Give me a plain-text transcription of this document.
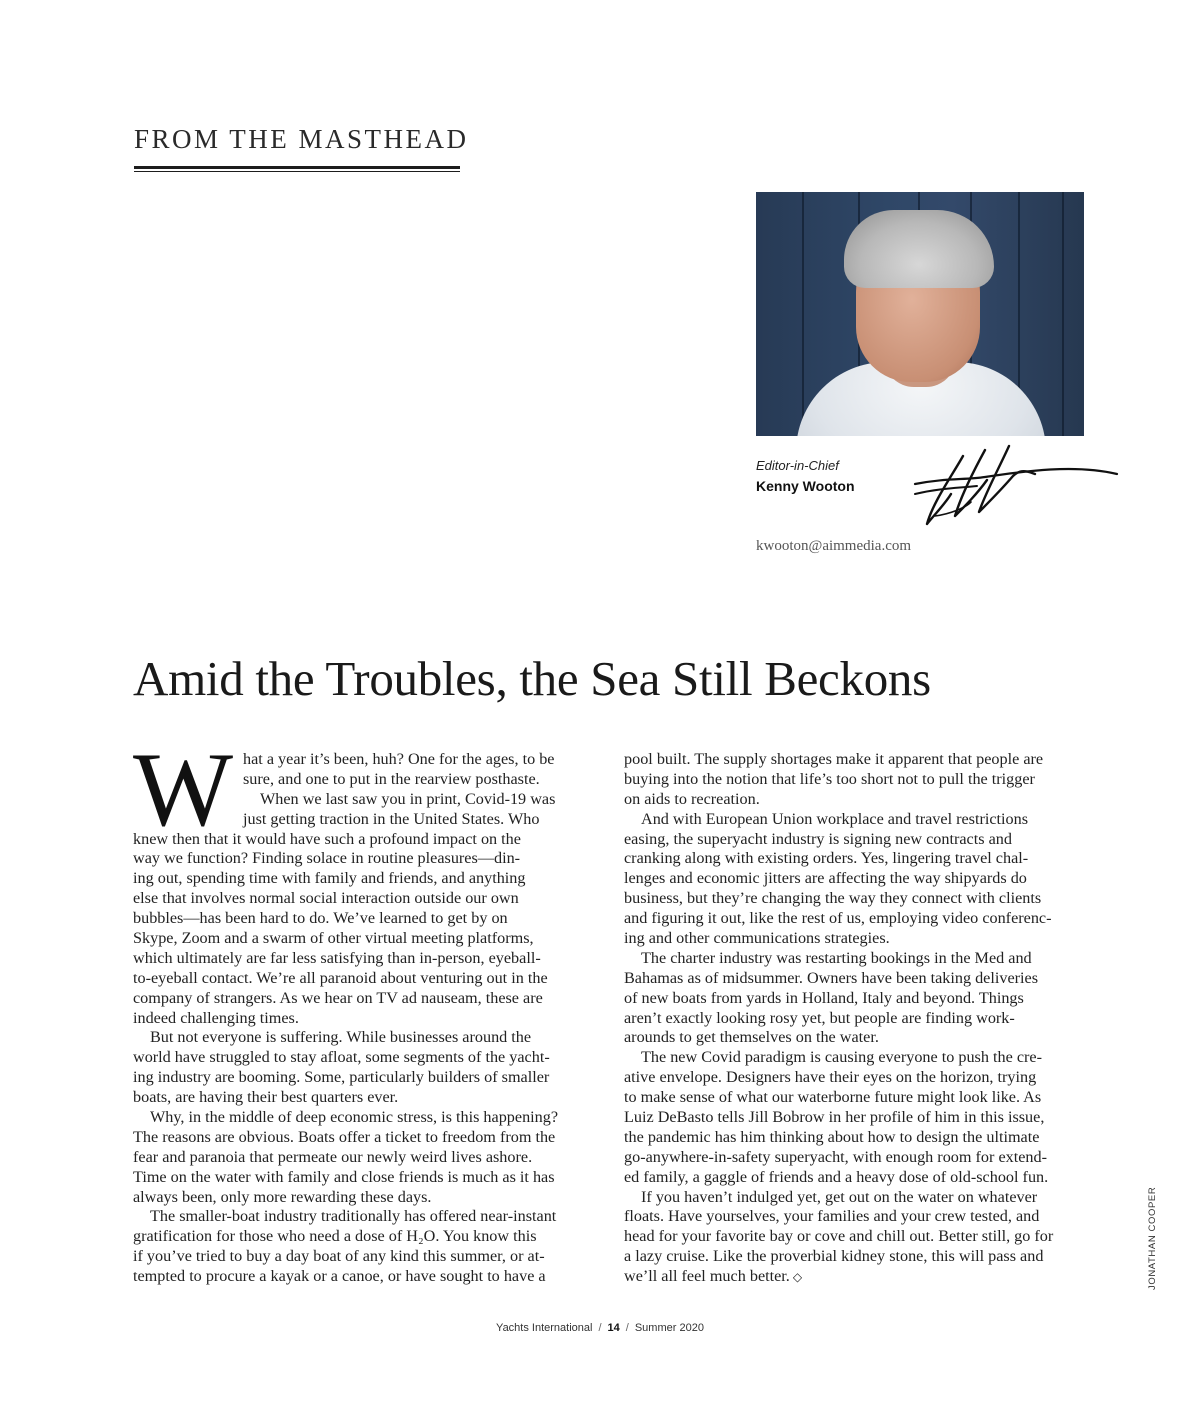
FROM THE MASTHEAD
Editor-in-Chief
Kenny Wooton
kwooton@aimmedia.com
Amid the Troubles, the Sea Still Beckons
W hat a year it’s been, huh? One for the ages, to be
sure, and one to put in the rearview posthaste.
When we last saw you in print, Covid-19 was
just getting traction in the United States. Who
knew then that it would have such a profound impact on the
way we function? Finding solace in routine pleasures—din-
ing out, spending time with family and friends, and anything
else that involves normal social interaction outside our own
bubbles—has been hard to do. We’ve learned to get by on
Skype, Zoom and a swarm of other virtual meeting platforms,
which ultimately are far less satisfying than in-person, eyeball-
to-eyeball contact. We’re all paranoid about venturing out in the
company of strangers. As we hear on TV ad nauseam, these are
indeed challenging times.
But not everyone is suffering. While businesses around the
world have struggled to stay afloat, some segments of the yacht-
ing industry are booming. Some, particularly builders of smaller
boats, are having their best quarters ever.
Why, in the middle of deep economic stress, is this happening?
The reasons are obvious. Boats offer a ticket to freedom from the
fear and paranoia that permeate our newly weird lives ashore.
Time on the water with family and close friends is much as it has
always been, only more rewarding these days.
The smaller-boat industry traditionally has offered near-instant
gratification for those who need a dose of H₂O. You know this
if you’ve tried to buy a day boat of any kind this summer, or at-
tempted to procure a kayak or a canoe, or have sought to have a
pool built. The supply shortages make it apparent that people are
buying into the notion that life’s too short not to pull the trigger
on aids to recreation.
And with European Union workplace and travel restrictions
easing, the superyacht industry is signing new contracts and
cranking along with existing orders. Yes, lingering travel chal-
lenges and economic jitters are affecting the way shipyards do
business, but they’re changing the way they connect with clients
and figuring it out, like the rest of us, employing video conferenc-
ing and other communications strategies.
The charter industry was restarting bookings in the Med and
Bahamas as of midsummer. Owners have been taking deliveries
of new boats from yards in Holland, Italy and beyond. Things
aren’t exactly looking rosy yet, but people are finding work-
arounds to get themselves on the water.
The new Covid paradigm is causing everyone to push the cre-
ative envelope. Designers have their eyes on the horizon, trying
to make sense of what our waterborne future might look like. As
Luiz DeBasto tells Jill Bobrow in her profile of him in this issue,
the pandemic has him thinking about how to design the ultimate
go-anywhere-in-safety superyacht, with enough room for extend-
ed family, a gaggle of friends and a heavy dose of old-school fun.
If you haven’t indulged yet, get out on the water on whatever
floats. Have yourselves, your families and your crew tested, and
head for your favorite bay or cove and chill out. Better still, go for
a lazy cruise. Like the proverbial kidney stone, this will pass and
we’ll all feel much better. ◇	JONATHAN COOPER
Yachts International / 14 / Summer 2020
